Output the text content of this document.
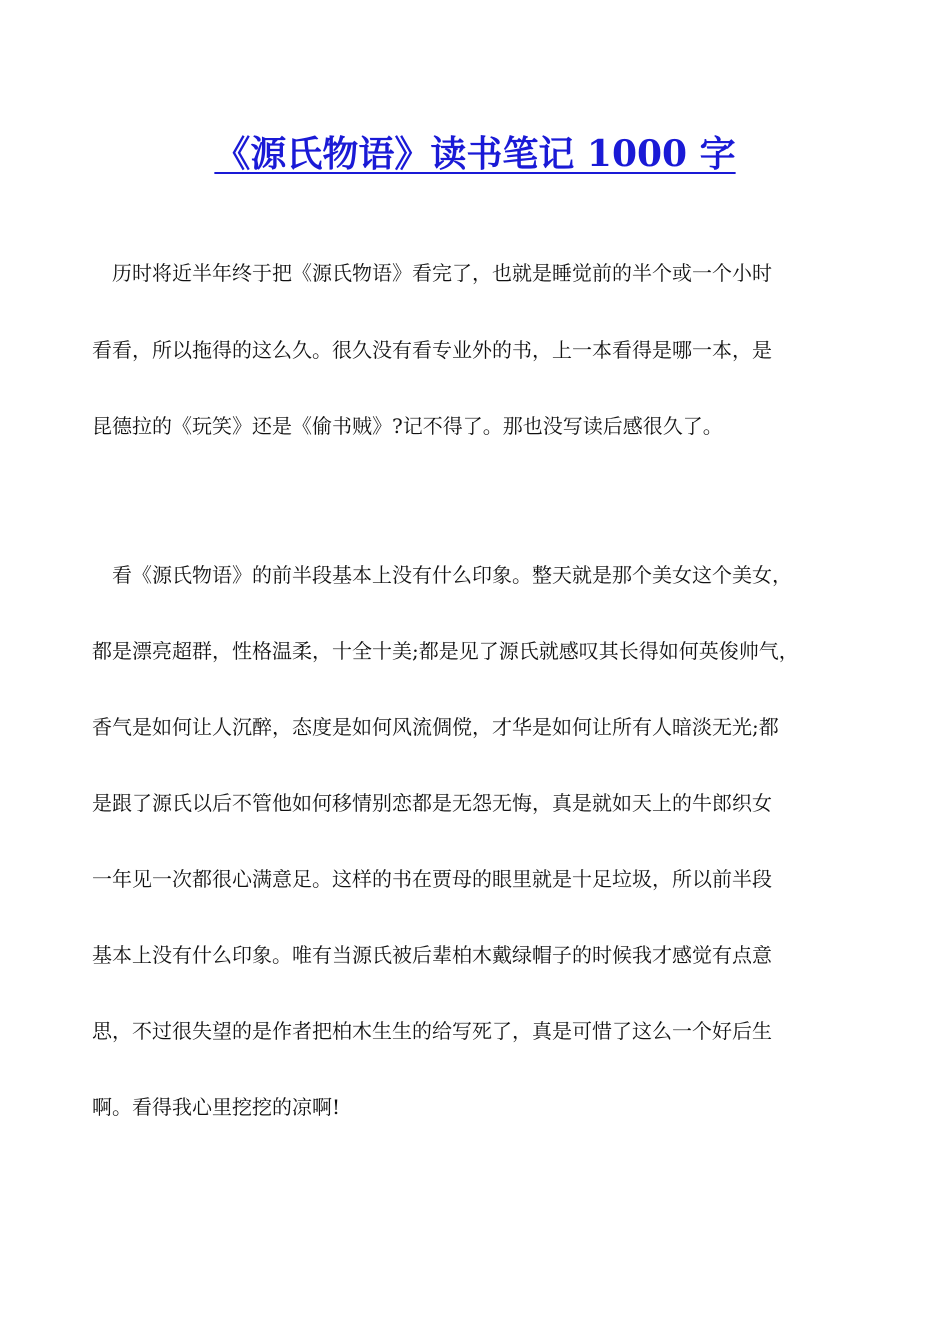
《源氏物语》读书笔记 1000 字
历时将近半年终于把《源氏物语》看完了，也就是睡觉前的半个或一个小时
看看，所以拖得的这么久。很久没有看专业外的书，上一本看得是哪一本，是
昆德拉的《玩笑》还是《偷书贼》?记不得了。那也没写读后感很久了。
看《源氏物语》的前半段基本上没有什么印象。整天就是那个美女这个美女，
都是漂亮超群，性格温柔，十全十美;都是见了源氏就感叹其长得如何英俊帅气，
香气是如何让人沉醉，态度是如何风流倜傥，才华是如何让所有人暗淡无光;都
是跟了源氏以后不管他如何移情别恋都是无怨无悔，真是就如天上的牛郎织女
一年见一次都很心满意足。这样的书在贾母的眼里就是十足垃圾，所以前半段
基本上没有什么印象。唯有当源氏被后辈柏木戴绿帽子的时候我才感觉有点意
思，不过很失望的是作者把柏木生生的给写死了，真是可惜了这么一个好后生
啊。看得我心里挖挖的凉啊!
